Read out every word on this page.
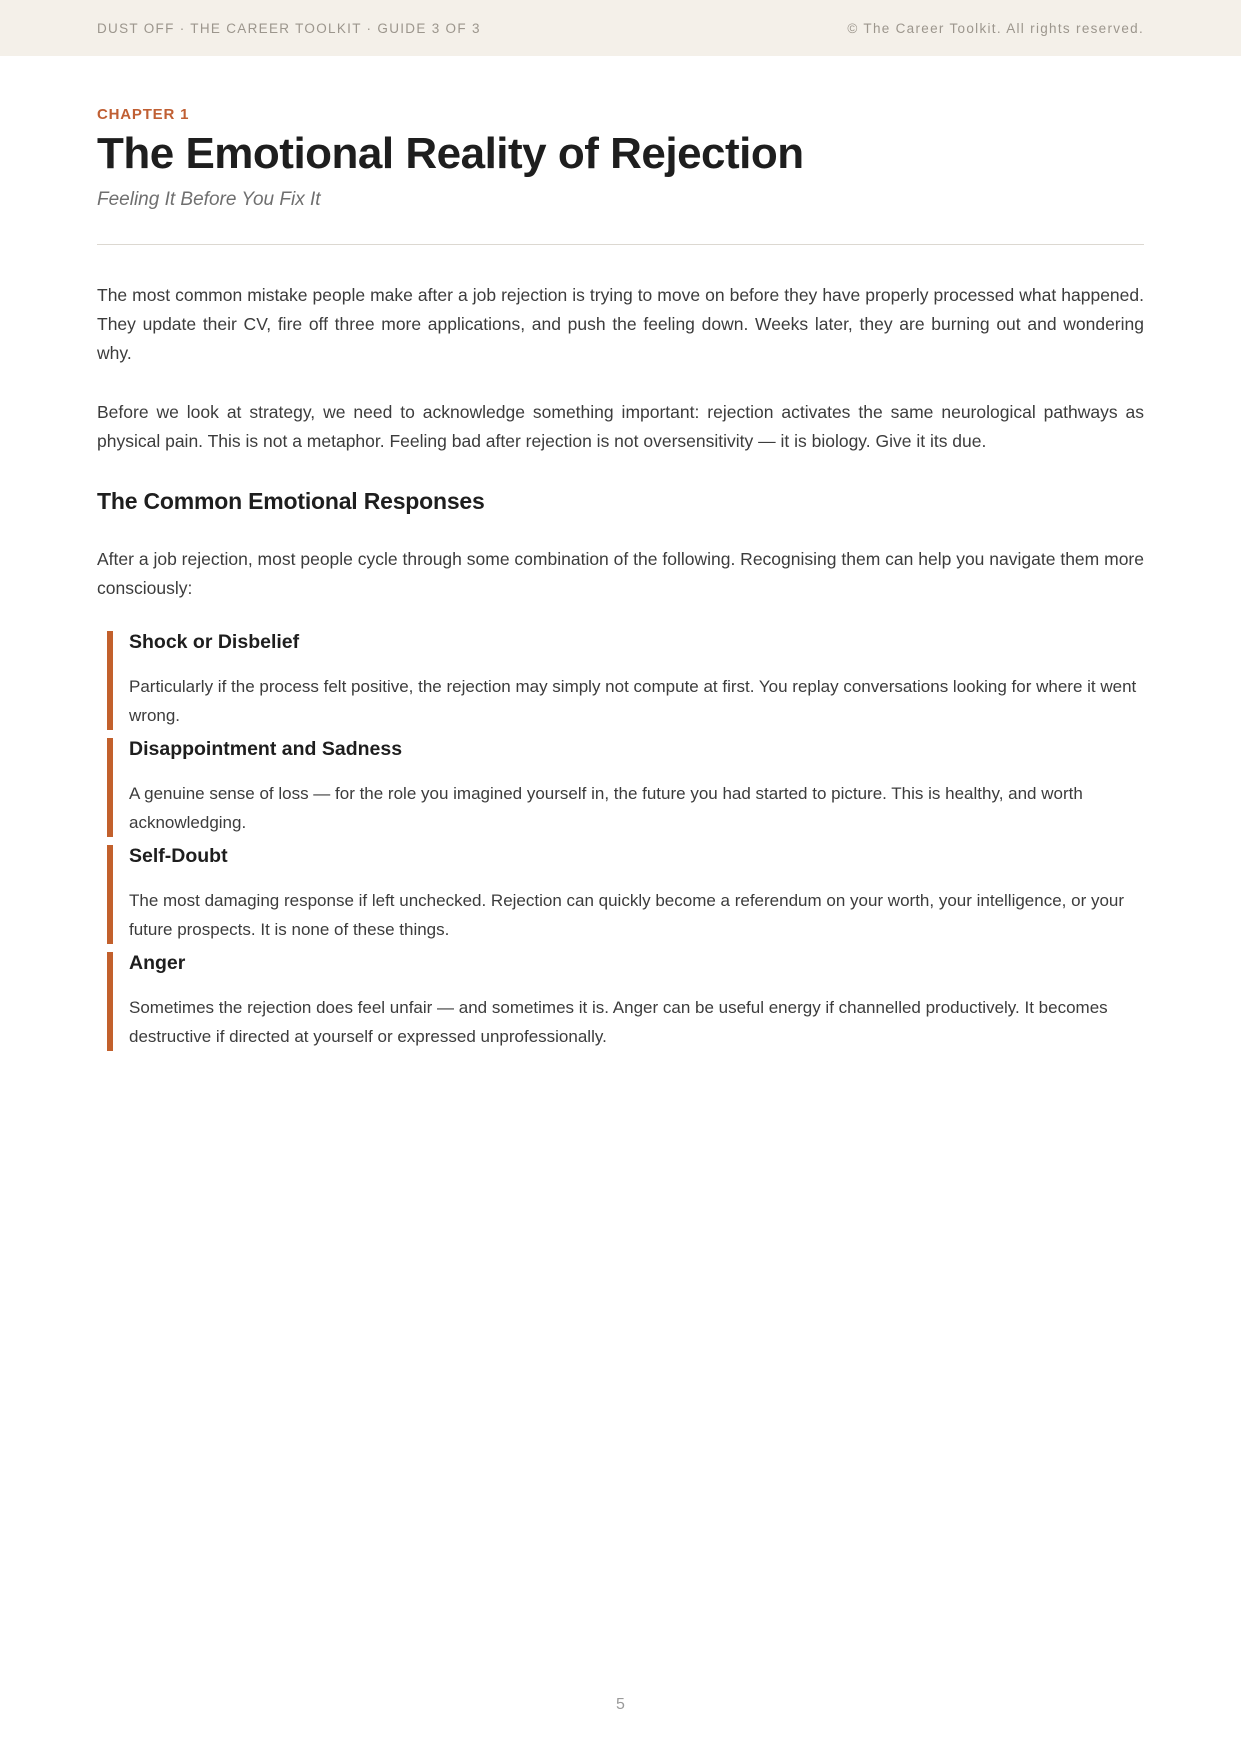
DUST OFF · THE CAREER TOOLKIT · GUIDE 3 OF 3	© The Career Toolkit. All rights reserved.
CHAPTER 1
The Emotional Reality of Rejection

Feeling It Before You Fix It

The most common mistake people make after a job rejection is trying to move on before they have properly processed what happened. They update their CV, fire off three more applications, and push the feeling down. Weeks later, they are burning out and wondering why.

Before we look at strategy, we need to acknowledge something important: rejection activates the same neurological pathways as physical pain. This is not a metaphor. Feeling bad after rejection is not oversensitivity — it is biology. Give it its due.

The Common Emotional Responses

After a job rejection, most people cycle through some combination of the following. Recognising them can help you navigate them more consciously:

Shock or Disbelief

Particularly if the process felt positive, the rejection may simply not compute at first. You replay conversations looking for where it went wrong.

Disappointment and Sadness

A genuine sense of loss — for the role you imagined yourself in, the future you had started to picture. This is healthy, and worth acknowledging.

Self-Doubt

The most damaging response if left unchecked. Rejection can quickly become a referendum on your worth, your intelligence, or your future prospects. It is none of these things.

Anger

Sometimes the rejection does feel unfair — and sometimes it is. Anger can be useful energy if channelled productively. It becomes destructive if directed at yourself or expressed unprofessionally.

5
